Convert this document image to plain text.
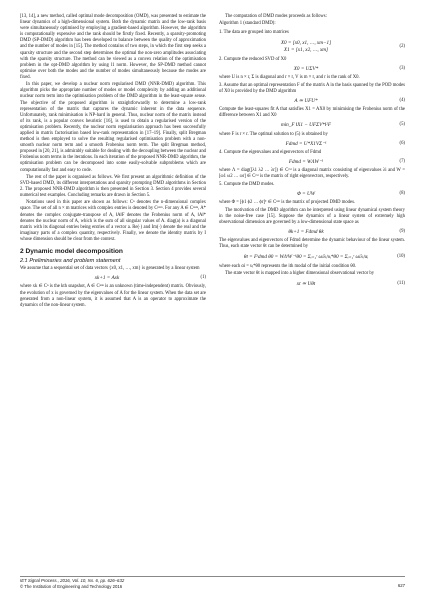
[13, 14], a new method, called optimal mode decomposition (OMD), was presented to estimate the linear dynamics of a high-dimensional system. Both the dynamic matrix and the low-rank basis were simultaneously optimised by employing a gradient-based algorithm. However, the algorithm is computationally expensive and the rank should be firstly fixed. Recently, a sparsity-promoting DMD (SP-DMD) algorithm has been developed to balance between the quality of approximation and the number of modes in [15]. The method contains of two steps, in which the first step seeks a sparsity structure and the second step determines the optimal the non-zero amplitudes associating with the sparsity structure. The method can be viewed as a convex relation of the optimisation problem in the opt-DMD algorithm by using l1 norm. However, the SP-DMD method cannot optimise over both the modes and the number of modes simultaneously because the modes are fixed.

In this paper, we develop a nuclear norm regularised DMD (NNR-DMD) algorithm. This algorithm picks the appropriate number of modes or model complexity by adding an additional nuclear norm term into the optimisation problem of the DMD algorithm in the least-square sense. The objective of the proposed algorithm is straightforwardly to determine a low-rank representation of the matrix that captures the dynamic inherent in the data sequence. Unfortunately, rank minimisation is NP-hard in general. Thus, nuclear norm of the matrix instead of its rank, is a popular convex heuristic [16], is used to obtain a regularised version of the optimisation problem. Recently, the nuclear norm regularisation approach has been successfully applied in matrix factorisation based low-rank representation in [17–19]. Finally, split Bregman method is then employed to solve the resulting regularised optimisation problem with a non-smooth nuclear norm term and a smooth Frobenius norm term. The split Bregman method, proposed in [20, 21], is admirably suitable for dealing with the decoupling between the nuclear and Frobenius norm terms in the iterations. In each iteration of the proposed NNR-DMD algorithm, the optimisation problem can be decomposed into some easily-solvable subproblems which are computationally fast and easy to code.

The rest of the paper is organised as follows. We first present an algorithmic definition of the SVD-based DMD, its different interpretations and sparsity prompting DMD algorithms in Section 2. The proposed NNR-DMD algorithm is then presented in Section 3. Section 4 provides several numerical test examples. Concluding remarks are drawn in Section 5.

Notations used in this paper are shown as follows: Cⁿ denotes the n-dimensional complex space. The set of all n × m matrices with complex entries is denoted by Cⁿˣᵐ. For any A ∈ Cⁿˣᵐ, A* denotes the complex conjugate-transpose of A, ‖A‖F denotes the Frobenius norm of A, ‖A‖* denotes the nuclear norm of A, which is the sum of all singular values of A. diag(a) is a diagonal matrix with its diagonal entries being entries of a vector a. Re(·) and Im(·) denote the real and the imaginary parts of a complex quantity, respectively. Finally, we denote the identity matrix by I whose dimension should be clear from the context.

2 Dynamic model decomposition
2.1 Preliminaries and problem statement

We assume that a sequential set of data vectors {x0, x1, …, xm} is generated by a linear system

xk+1 = Axk	(1)

where xk ∈ Cⁿ is the kth snapshot, A ∈ Cⁿˣⁿ is an unknown (time-independent) matrix. Obviously, the evolution of x is governed by the eigenvalues of A for the linear system. When the data set are generated from a non-linear system, it is assumed that A is an operator to approximate the dynamics of the non-linear system.

The computation of DMD modes proceeds as follows:

Algorithm 1 (standard DMD):

1. The data are grouped into matrices

X0 = [x0, x1, …, xm−1]
X1 = [x1, x2, …, xm]
(2)

2. Compute the reduced SVD of X0

X0 = UΣV*	(3)

where U is n × r, Σ is diagonal and r × r, V is m × r, and r is the rank of X0.

3. Assume that an optimal representation F of the matrix A in the basis spanned by the POD modes of X0 is provided by the DMD algorithm

A ≃ UFU*	(4)

Compute the least-squares fit A that satisfies X1 = AX0 by minimising the Frobenius norm of the difference between X1 and X0

min_F ‖X1 − UFΣV*‖²F	(5)

where F is r × r. The optimal solution to (5) is obtained by

Fdmd = U*X1VΣ⁻¹	(6)

4. Compute the eigenvalues and eigenvectors of Fdmd

Fdmd = WΛW⁻¹	(7)

where Λ = diag([λ1 λ2 … λr]) ∈ Cʳˣʳ is a diagonal matrix consisting of eigenvalues λi and W = [ω1 ω2 … ωr] ∈ Cʳˣʳ is the matrix of right eigenvectors, respectively.

5. Compute the DMD modes.

Φ = UW	(8)

where Φ = [ϕ1 ϕ2 … ϕr]ᵀ ∈ Cⁿˣʳ is the matrix of projected DMD modes.

The motivation of the DMD algorithm can be interpreted using linear dynamical system theory in the noise-free case [15]. Suppose the dynamics of a linear system of extremely high observational dimension are governed by a low-dimensional state space as

θk+1 = Fdmd θk	(9)

The eigenvalues and eigenvectors of Fdmd determine the dynamic behaviour of the linear system. Thus, each state vector θt can be determined by

θt = Fᵗdmd θ0 = WΛᵗW⁻¹θ0 = Σᵢ₌₁ʳ ωiλᵢᵗυᵢ*θ0 = Σᵢ₌₁ʳ ωiλᵢᵗαᵢ	(10)

where each αi = υᵢ*θ0 represents the ith modal of the initial condition θ0.

The state vector θt is mapped into a higher dimensional observational vector by

xt ≃ Uθt	(11)
IET Signal Process., 2016, Vol. 10, Iss. 6, pp. 626–632
© The Institution of Engineering and Technology 2016	627
